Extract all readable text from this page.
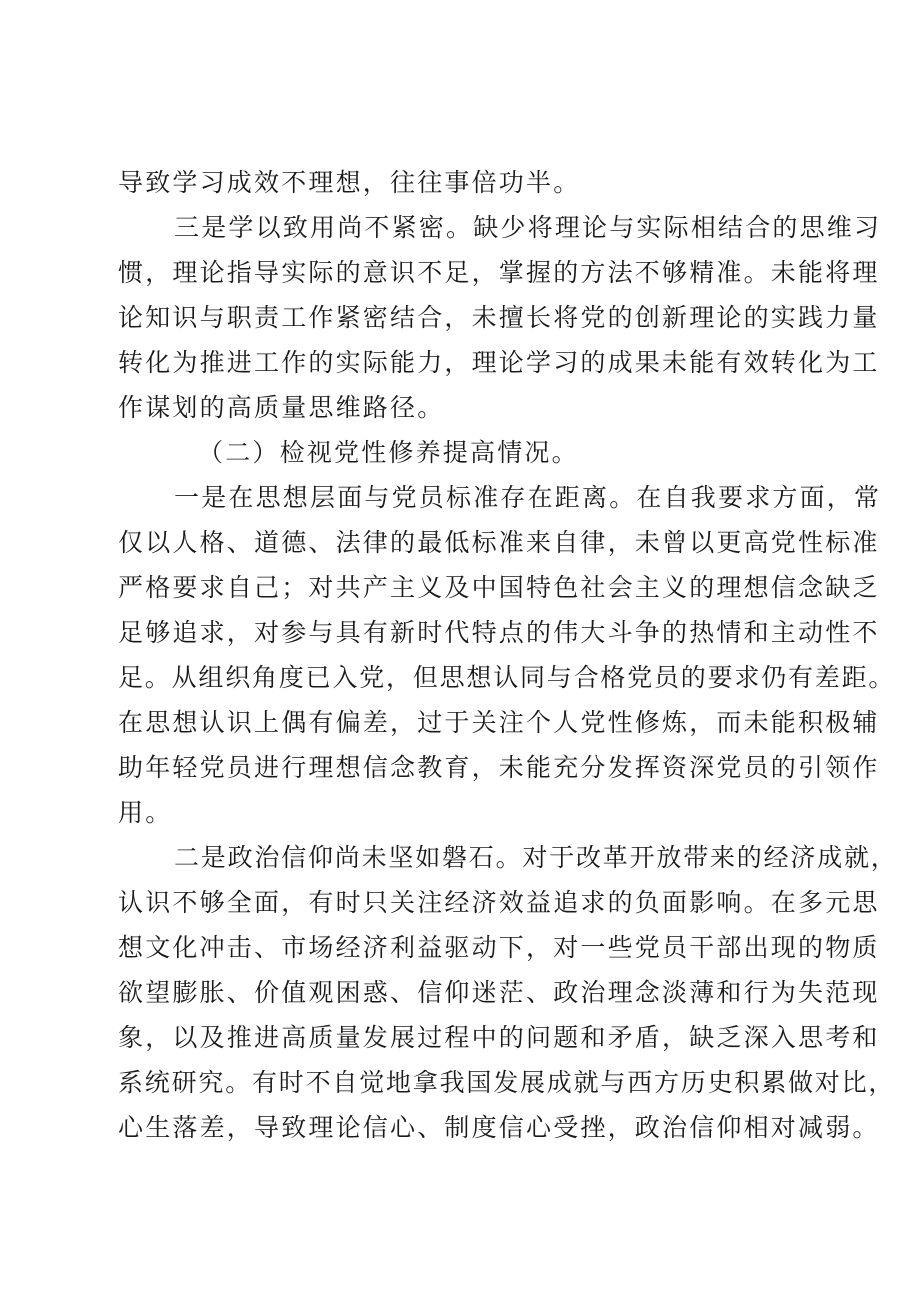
导致学习成效不理想，往往事倍功半。
三是学以致用尚不紧密。缺少将理论与实际相结合的思维习
惯，理论指导实际的意识不足，掌握的方法不够精准。未能将理
论知识与职责工作紧密结合，未擅长将党的创新理论的实践力量
转化为推进工作的实际能力，理论学习的成果未能有效转化为工
作谋划的高质量思维路径。
（二）检视党性修养提高情况。
一是在思想层面与党员标准存在距离。在自我要求方面，常
仅以人格、道德、法律的最低标准来自律，未曾以更高党性标准
严格要求自己；对共产主义及中国特色社会主义的理想信念缺乏
足够追求，对参与具有新时代特点的伟大斗争的热情和主动性不
足。从组织角度已入党，但思想认同与合格党员的要求仍有差距。
在思想认识上偶有偏差，过于关注个人党性修炼，而未能积极辅
助年轻党员进行理想信念教育，未能充分发挥资深党员的引领作
用。
二是政治信仰尚未坚如磐石。对于改革开放带来的经济成就，
认识不够全面，有时只关注经济效益追求的负面影响。在多元思
想文化冲击、市场经济利益驱动下，对一些党员干部出现的物质
欲望膨胀、价值观困惑、信仰迷茫、政治理念淡薄和行为失范现
象，以及推进高质量发展过程中的问题和矛盾，缺乏深入思考和
系统研究。有时不自觉地拿我国发展成就与西方历史积累做对比，
心生落差，导致理论信心、制度信心受挫，政治信仰相对减弱。
